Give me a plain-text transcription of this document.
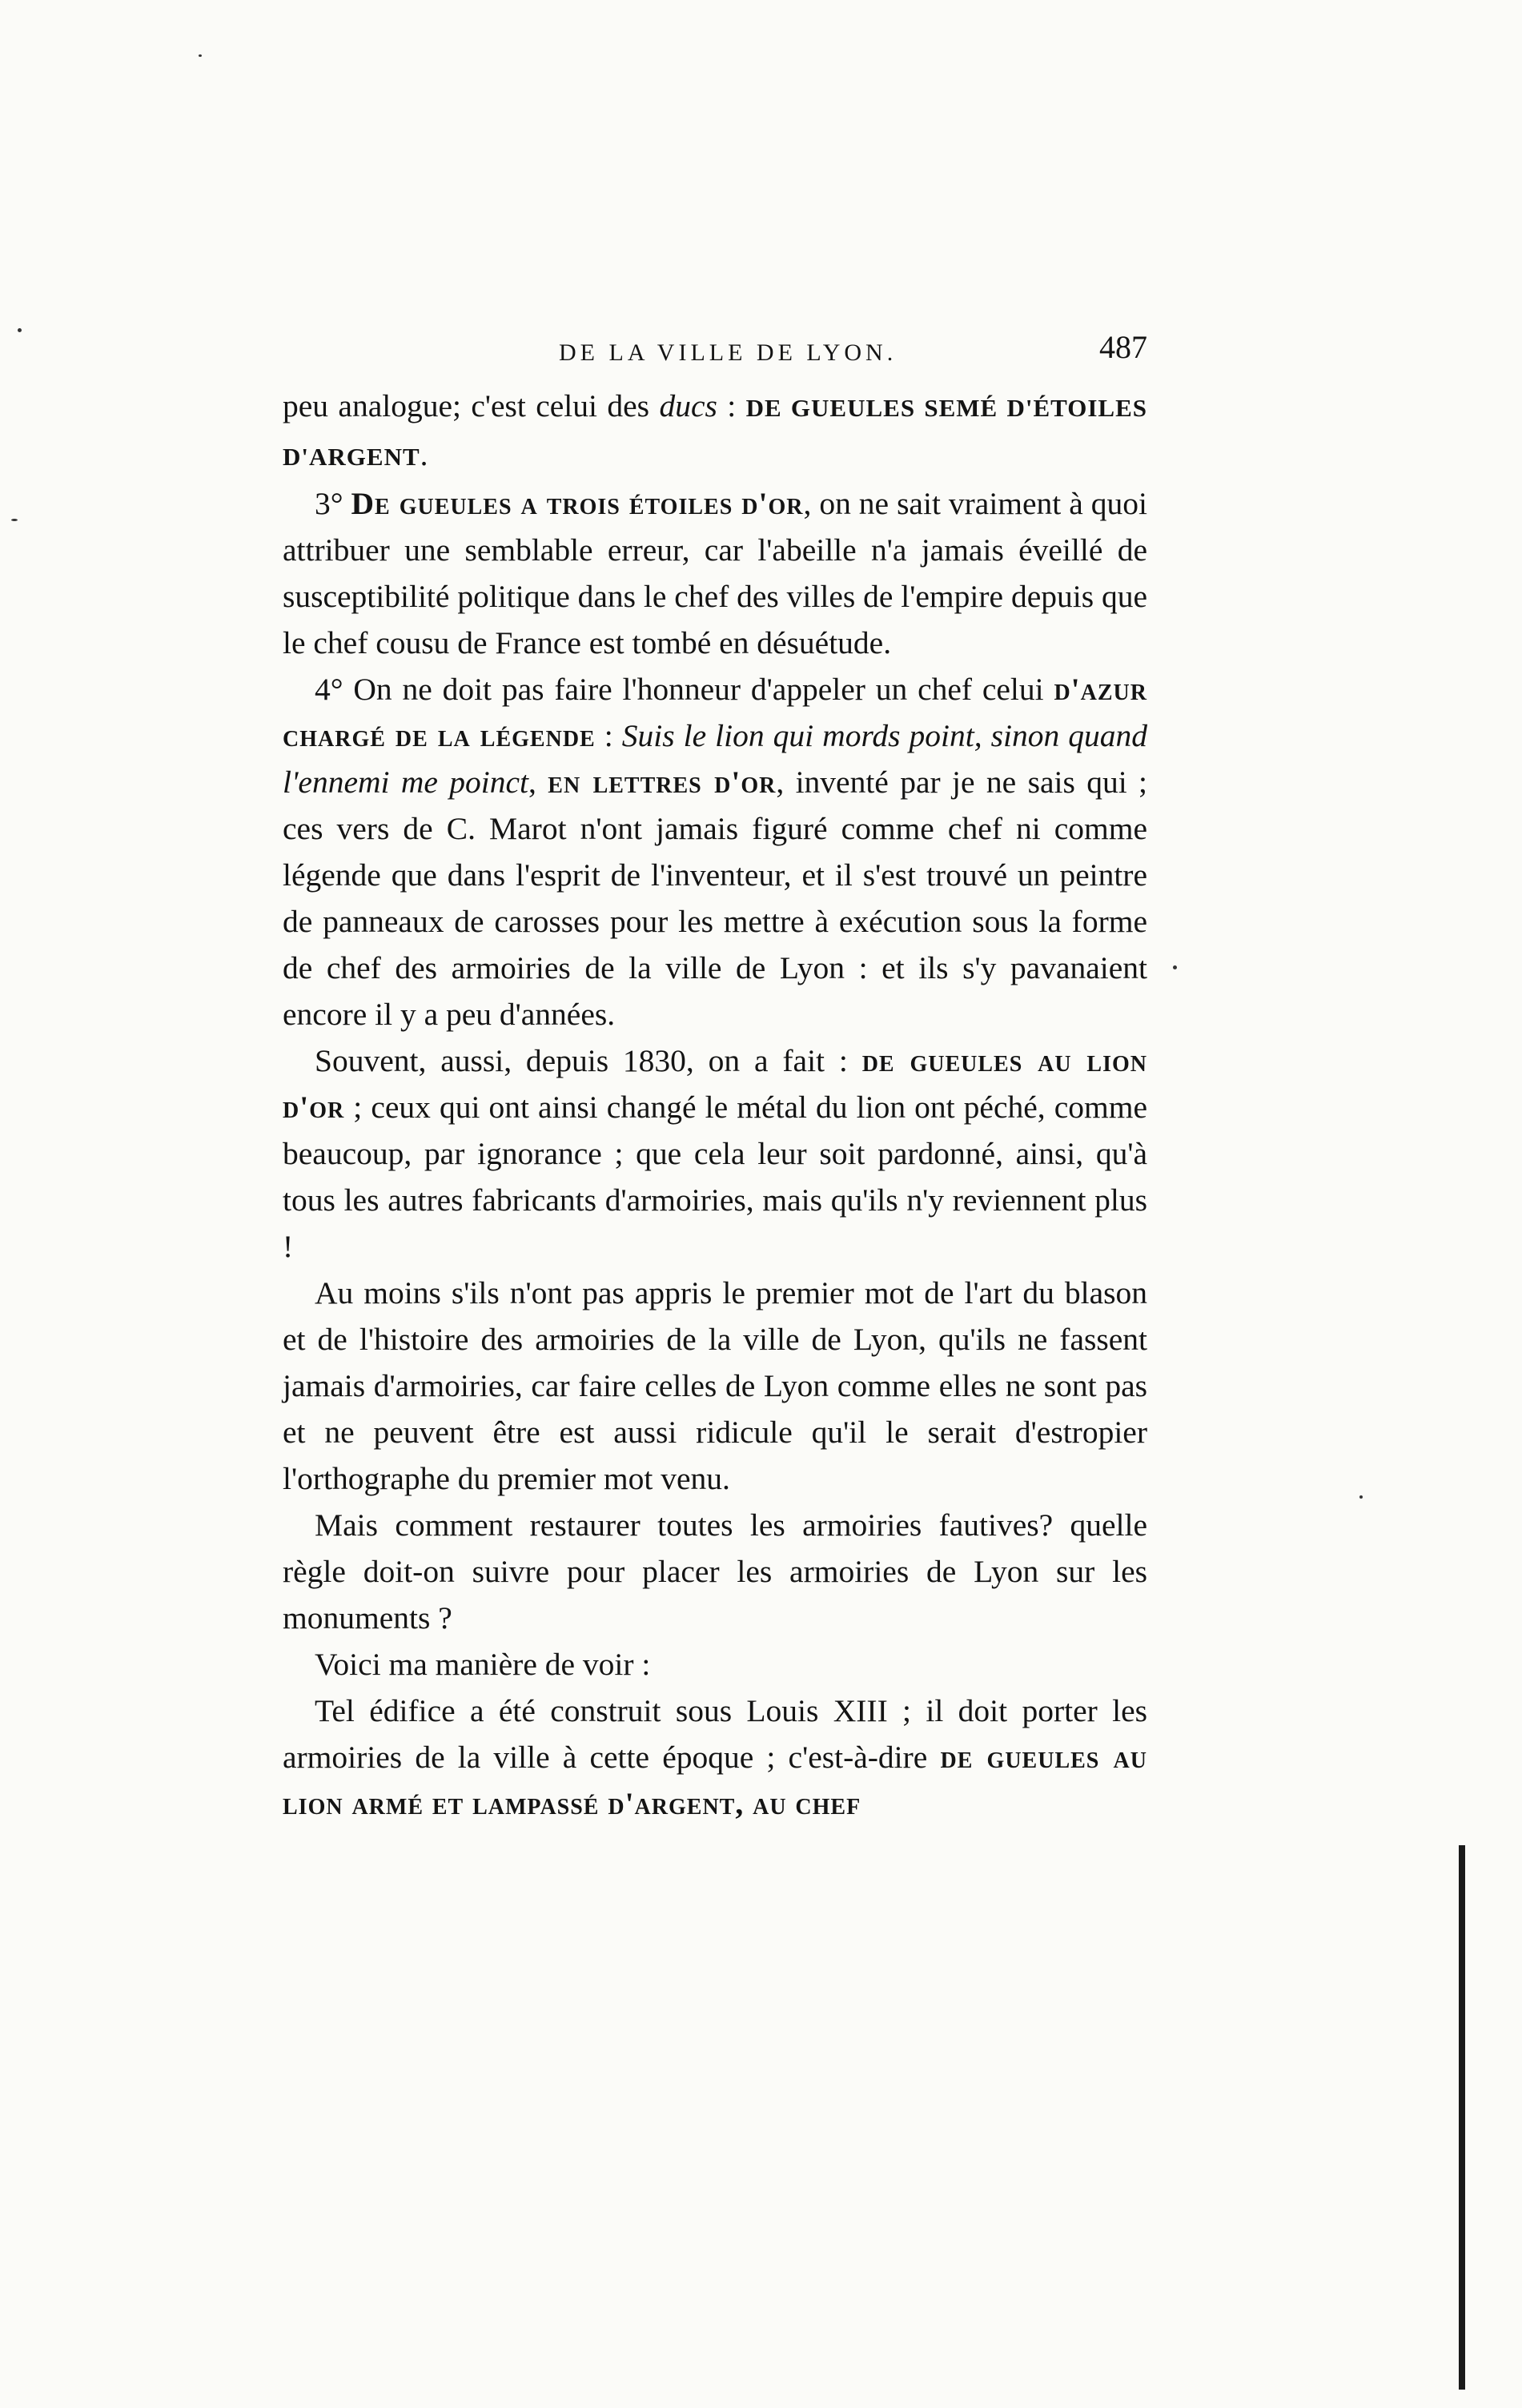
DE LA VILLE DE LYON.	487

peu analogue; c'est celui des ducs : DE GUEULES SEMÉ D'ÉTOILES D'ARGENT.

3° De gueules a trois étoiles d'or, on ne sait vraiment à quoi attribuer une semblable erreur, car l'abeille n'a jamais éveillé de susceptibilité politique dans le chef des villes de l'empire depuis que le chef cousu de France est tombé en désuétude.

4° On ne doit pas faire l'honneur d'appeler un chef celui d'azur chargé de la légende : Suis le lion qui mords point, sinon quand l'ennemi me poinct, en lettres d'or, inventé par je ne sais qui ; ces vers de C. Marot n'ont jamais figuré comme chef ni comme légende que dans l'esprit de l'inventeur, et il s'est trouvé un peintre de panneaux de carosses pour les mettre à exécution sous la forme de chef des armoiries de la ville de Lyon : et ils s'y pavanaient encore il y a peu d'années.

Souvent, aussi, depuis 1830, on a fait : de gueules au lion d'or ; ceux qui ont ainsi changé le métal du lion ont péché, comme beaucoup, par ignorance ; que cela leur soit pardonné, ainsi, qu'à tous les autres fabricants d'armoiries, mais qu'ils n'y reviennent plus !

Au moins s'ils n'ont pas appris le premier mot de l'art du blason et de l'histoire des armoiries de la ville de Lyon, qu'ils ne fassent jamais d'armoiries, car faire celles de Lyon comme elles ne sont pas et ne peuvent être est aussi ridicule qu'il le serait d'estropier l'orthographe du premier mot venu.

Mais comment restaurer toutes les armoiries fautives? quelle règle doit-on suivre pour placer les armoiries de Lyon sur les monuments ?

Voici ma manière de voir :

Tel édifice a été construit sous Louis XIII ; il doit porter les armoiries de la ville à cette époque ; c'est-à-dire de gueules au lion armé et lampassé d'argent, au chef
